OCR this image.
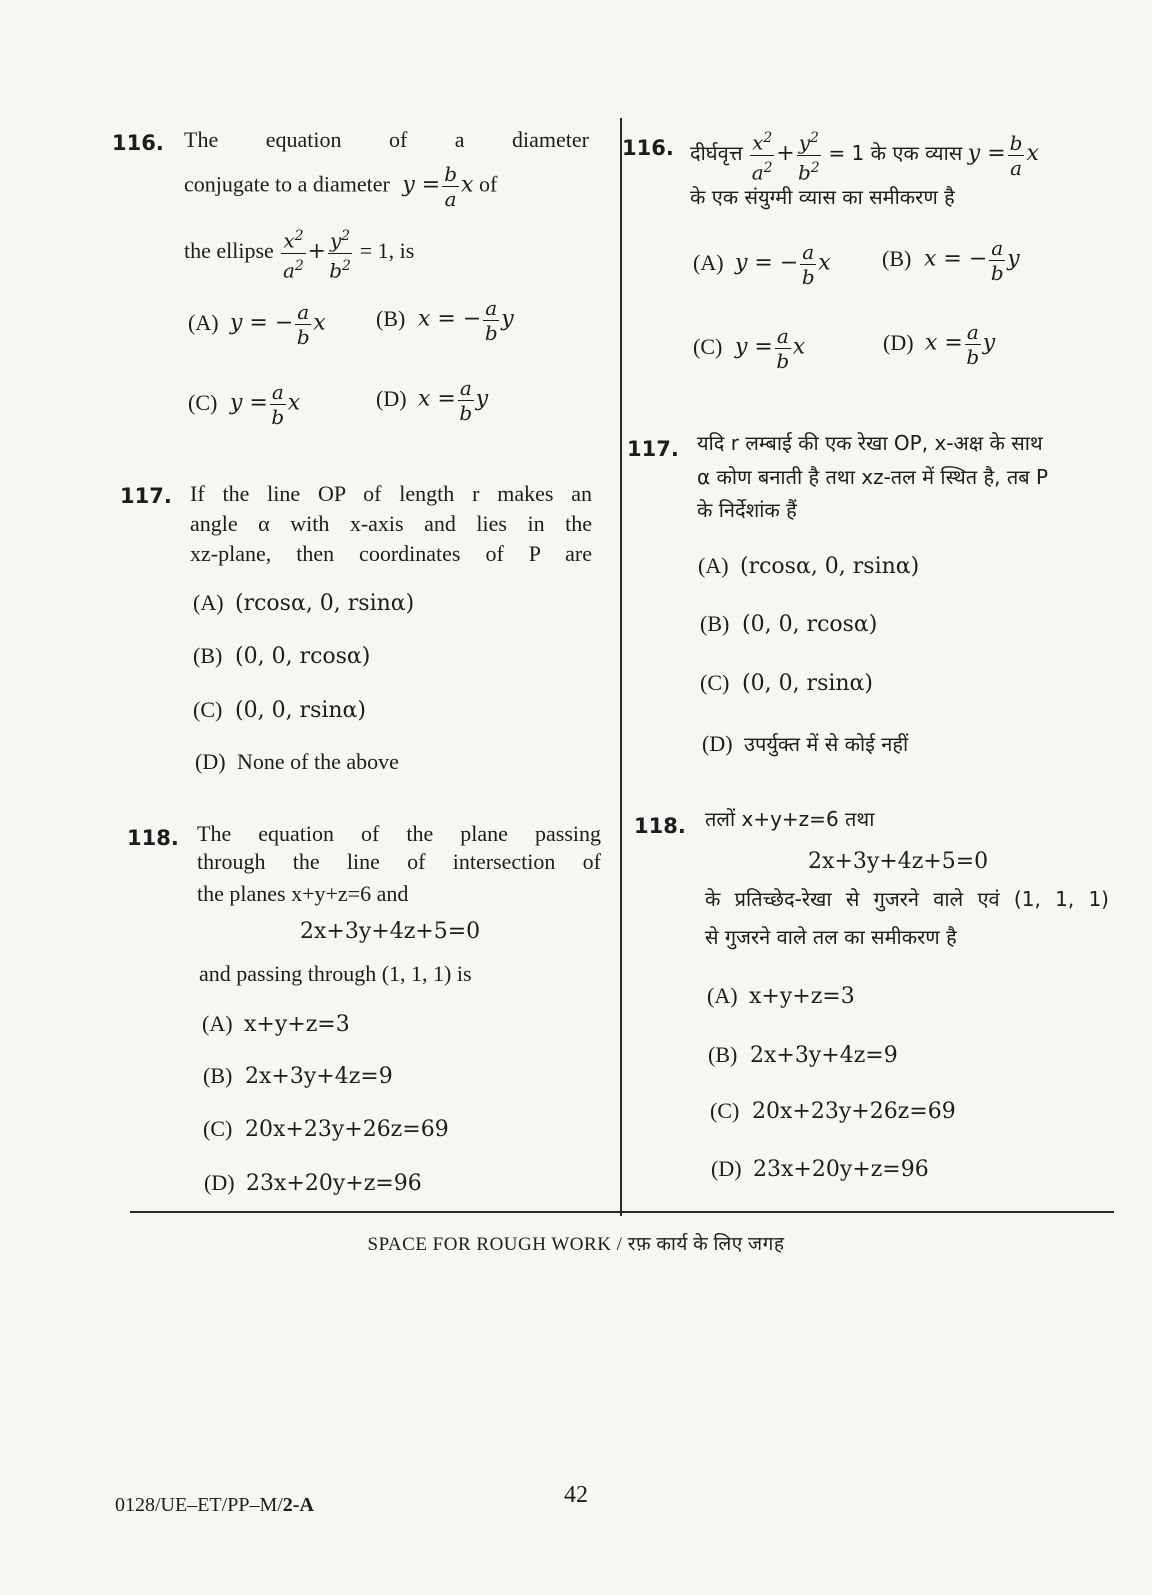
116. The equation of a diameter
conjugate to a diameter $y = \frac{b}{a}$ x of
the ellipse $\frac{x^2}{a^2} + \frac{y^2}{b^2} = 1$, is
(A) y = − $\frac{a}{b}$ x (B) x = − $\frac{a}{b}$ y
(C) $y = \frac{a}{b}$ x	(D) $x = \frac{a}{b}$ y
117. If the line OP of length r makes an
angle α with x-axis and lies in the
xz-plane, then coordinates of P are
(A) (rcosα, 0, rsinα)
(B) (0, 0, rcosα)
(C) (0, 0, rsinα)
(D) None of the above
118. The equation of the plane passing
through the line of intersection of
the planes x+y+z=6 and
2x+3y+4z+5=0
and passing through (1, 1, 1) is
(A) x+y+z=3
(B) 2x+3y+4z=9
(C) 20x+23y+26z=69
(D) 23x+20y+z=96
116. दीर्घवृत्त $\frac{x^2}{a^2} + \frac{y^2}{b^2} = 1$ के एक व्यास $y = \frac{b}{a}$ x
के एक संयुग्मी व्यास का समीकरण है
(A) y = − $\frac{a}{b}$ x (B) x = − $\frac{a}{b}$ y
(C) $y = \frac{a}{b}$ x	(D) $x = \frac{a}{b}$ y
117. यदि r लम्बाई की एक रेखा OP, x-अक्ष के साथ
α कोण बनाती है तथा xz-तल में स्थित है, तब P
के निर्देशांक हैं
(A) (rcosα, 0, rsinα)
(B) (0, 0, rcosα)
(C) (0, 0, rsinα)
(D) उपर्युक्त में से कोई नहीं
118. तलों x+y+z=6 तथा
2x+3y+4z+5=0
के प्रतिच्छेद-रेखा से गुजरने वाले एवं (1, 1, 1)
से गुजरने वाले तल का समीकरण है
(A) x+y+z=3
(B) 2x+3y+4z=9
(C) 20x+23y+26z=69
(D) 23x+20y+z=96
SPACE FOR ROUGH WORK / रफ़ कार्य के लिए जगह
42
0128/UE–ET/PP–M/2-A
